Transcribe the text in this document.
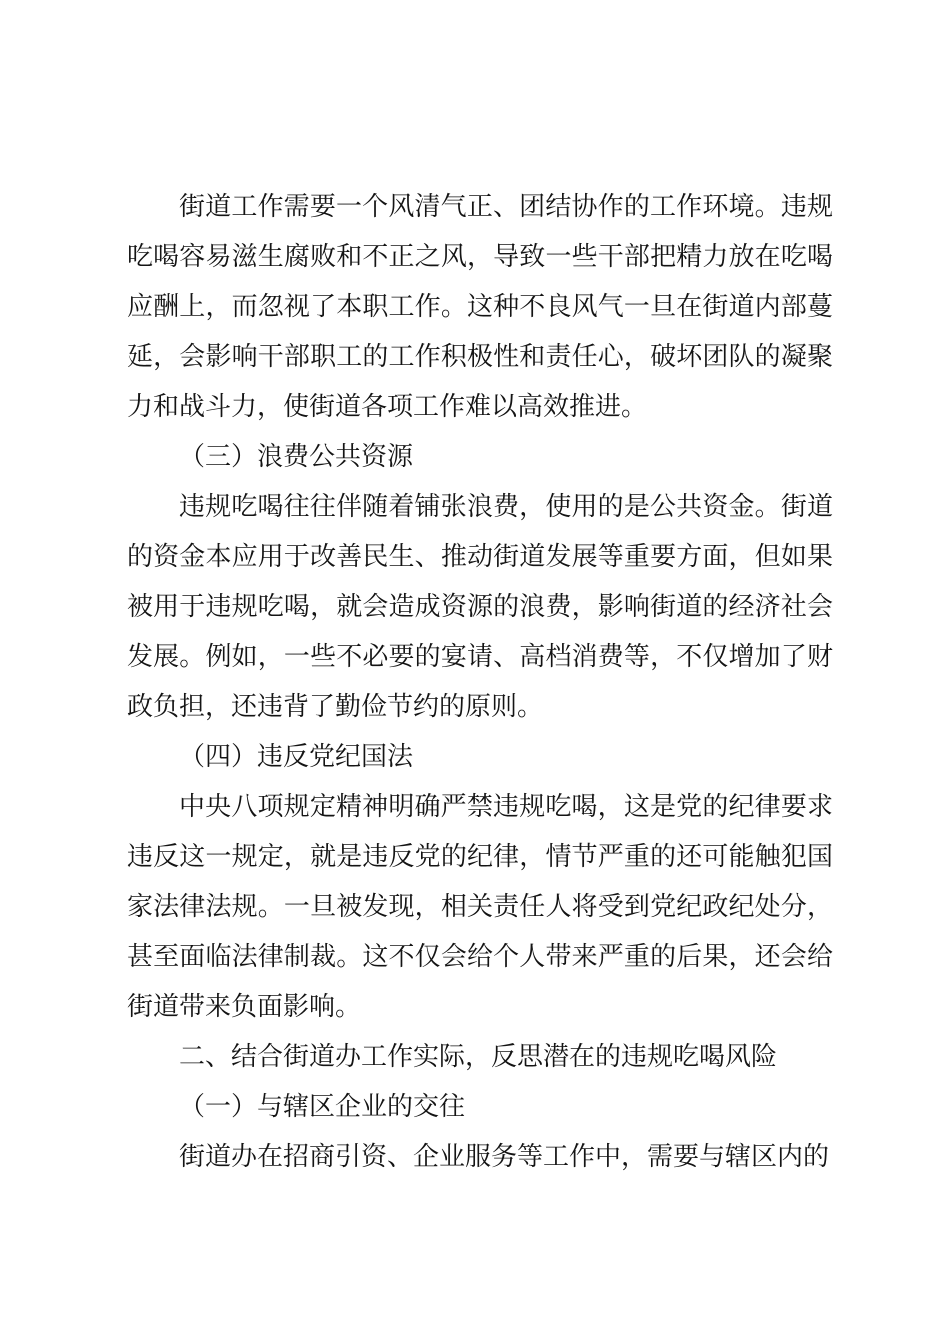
街道工作需要一个风清气正、团结协作的工作环境。违规吃喝容易滋生腐败和不正之风，导致一些干部把精力放在吃喝应酬上，而忽视了本职工作。这种不良风气一旦在街道内部蔓延，会影响干部职工的工作积极性和责任心，破坏团队的凝聚力和战斗力，使街道各项工作难以高效推进。

（三）浪费公共资源

违规吃喝往往伴随着铺张浪费，使用的是公共资金。街道的资金本应用于改善民生、推动街道发展等重要方面，但如果被用于违规吃喝，就会造成资源的浪费，影响街道的经济社会发展。例如，一些不必要的宴请、高档消费等，不仅增加了财政负担，还违背了勤俭节约的原则。

（四）违反党纪国法

中央八项规定精神明确严禁违规吃喝，这是党的纪律要求违反这一规定，就是违反党的纪律，情节严重的还可能触犯国家法律法规。一旦被发现，相关责任人将受到党纪政纪处分，甚至面临法律制裁。这不仅会给个人带来严重的后果，还会给街道带来负面影响。

二、结合街道办工作实际，反思潜在的违规吃喝风险

（一）与辖区企业的交往

街道办在招商引资、企业服务等工作中，需要与辖区内的
